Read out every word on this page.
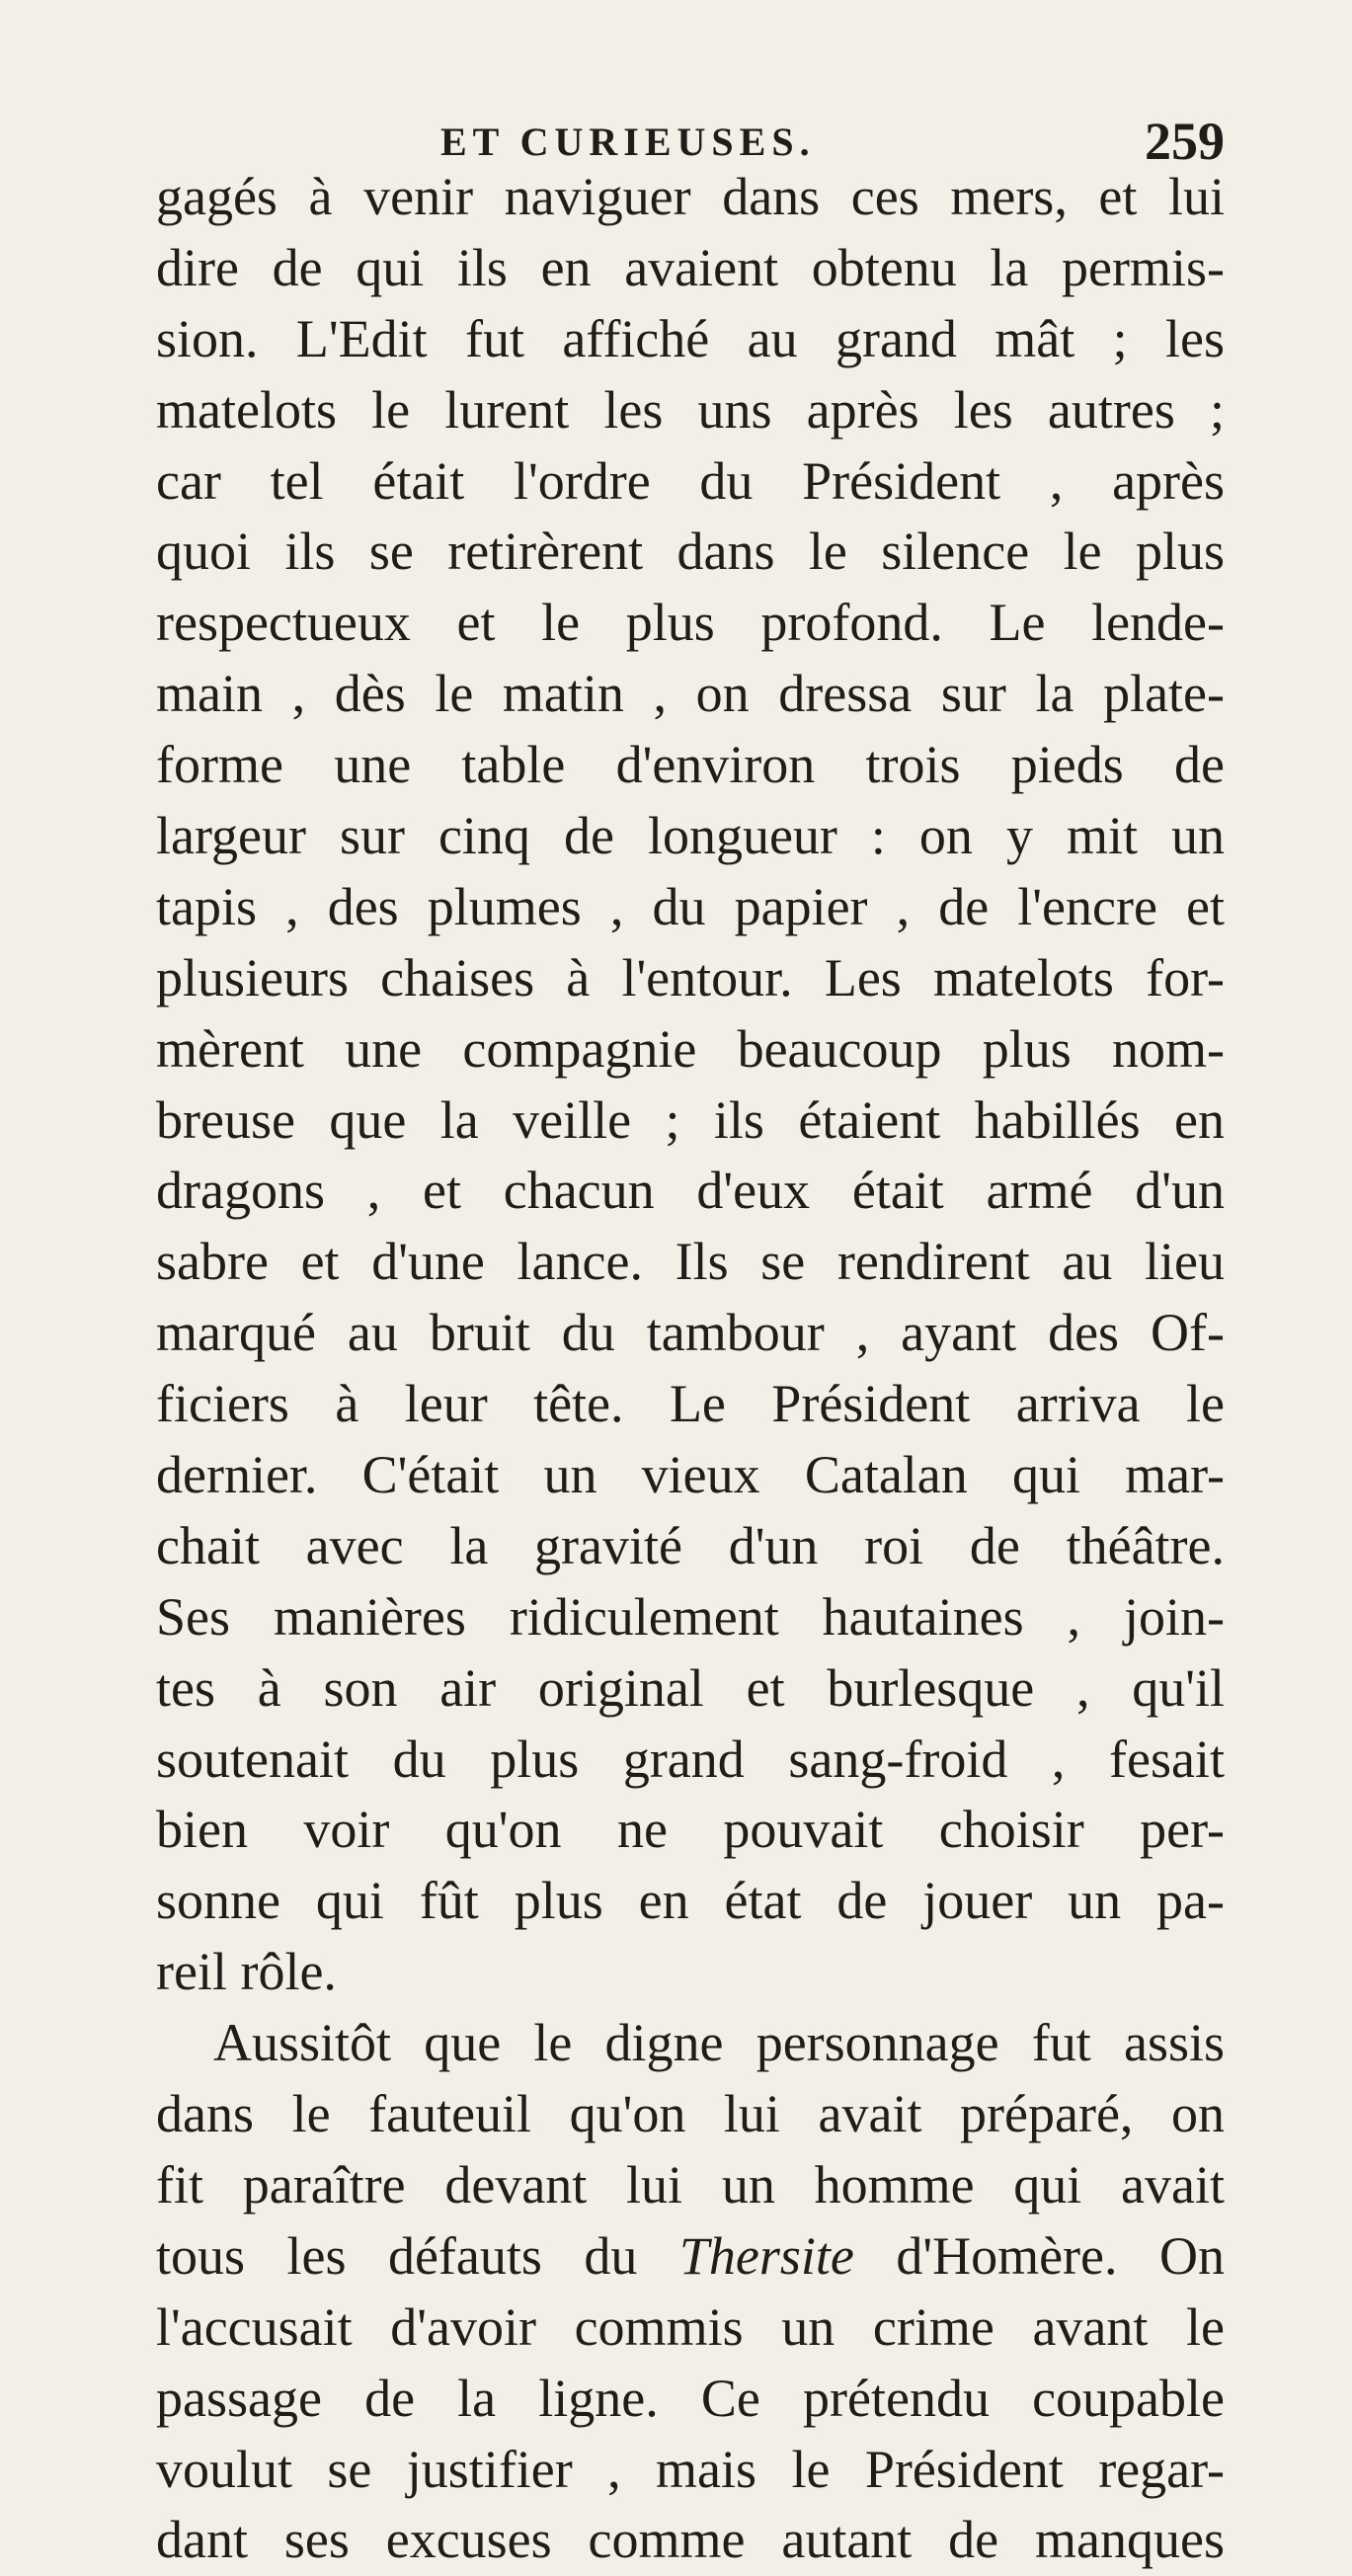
ET CURIEUSES.	259
gagés à venir naviguer dans ces mers, et lui
dire de qui ils en avaient obtenu la permis-
sion. L'Edit fut affiché au grand mât ; les
matelots le lurent les uns après les autres ;
car tel était l'ordre du Président , après
quoi ils se retirèrent dans le silence le plus
respectueux et le plus profond. Le lende-
main , dès le matin , on dressa sur la plate-
forme une table d'environ trois pieds de
largeur sur cinq de longueur : on y mit un
tapis , des plumes , du papier , de l'encre et
plusieurs chaises à l'entour. Les matelots for-
mèrent une compagnie beaucoup plus nom-
breuse que la veille ; ils étaient habillés en
dragons , et chacun d'eux était armé d'un
sabre et d'une lance. Ils se rendirent au lieu
marqué au bruit du tambour , ayant des Of-
ficiers à leur tête. Le Président arriva le
dernier. C'était un vieux Catalan qui mar-
chait avec la gravité d'un roi de théâtre.
Ses manières ridiculement hautaines , join-
tes à son air original et burlesque , qu'il
soutenait du plus grand sang-froid , fesait
bien voir qu'on ne pouvait choisir per-
sonne qui fût plus en état de jouer un pa-
reil rôle.
Aussitôt que le digne personnage fut assis
dans le fauteuil qu'on lui avait préparé, on
fit paraître devant lui un homme qui avait
tous les défauts du Thersite d'Homère. On
l'accusait d'avoir commis un crime avant le
passage de la ligne. Ce prétendu coupable
voulut se justifier , mais le Président regar-
dant ses excuses comme autant de manques
